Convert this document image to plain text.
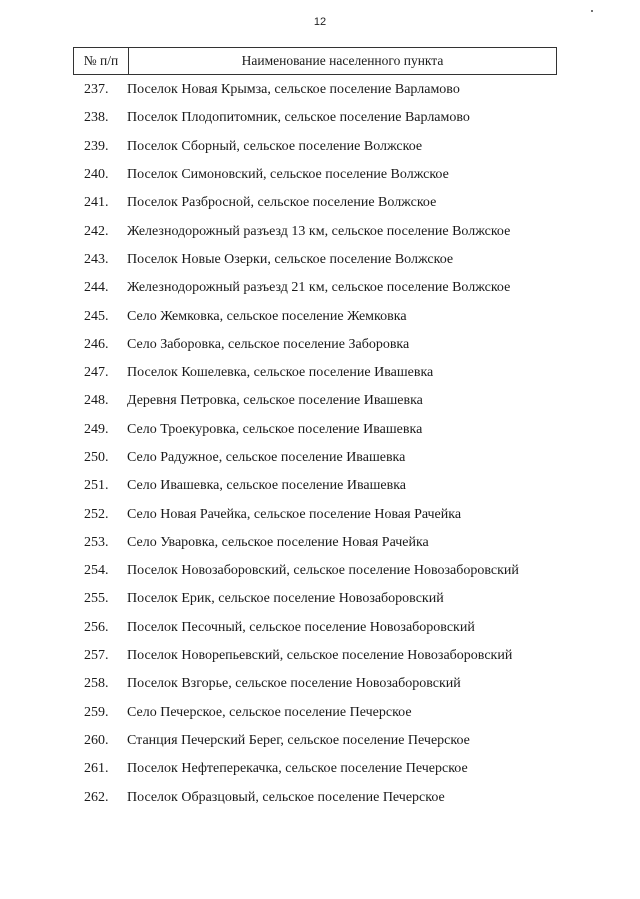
12
№ п/п	Наименование населенного пункта
237.	Поселок Новая Крымза, сельское поселение Варламово
238.	Поселок Плодопитомник, сельское поселение Варламово
239.	Поселок Сборный, сельское поселение Волжское
240.	Поселок Симоновский, сельское поселение Волжское
241.	Поселок Разбросной, сельское поселение Волжское
242.	Железнодорожный разъезд 13 км, сельское поселение Волжское
243.	Поселок Новые Озерки, сельское поселение Волжское
244.	Железнодорожный разъезд 21 км, сельское поселение Волжское
245.	Село Жемковка, сельское поселение Жемковка
246.	Село Заборовка, сельское поселение Заборовка
247.	Поселок Кошелевка, сельское поселение Ивашевка
248.	Деревня Петровка, сельское поселение Ивашевка
249.	Село Троекуровка, сельское поселение Ивашевка
250.	Село Радужное, сельское поселение Ивашевка
251.	Село Ивашевка, сельское поселение Ивашевка
252.	Село Новая Рачейка, сельское поселение Новая Рачейка
253.	Село Уваровка, сельское поселение Новая Рачейка
254.	Поселок Новозаборовский, сельское поселение Новозаборовский
255.	Поселок Ерик, сельское поселение Новозаборовский
256.	Поселок Песочный, сельское поселение Новозаборовский
257.	Поселок Новорепьевский, сельское поселение Новозаборовский
258.	Поселок Взгорье, сельское поселение Новозаборовский
259.	Село Печерское, сельское поселение Печерское
260.	Станция Печерский Берег, сельское поселение Печерское
261.	Поселок Нефтеперекачка, сельское поселение Печерское
262.	Поселок Образцовый, сельское поселение Печерское
